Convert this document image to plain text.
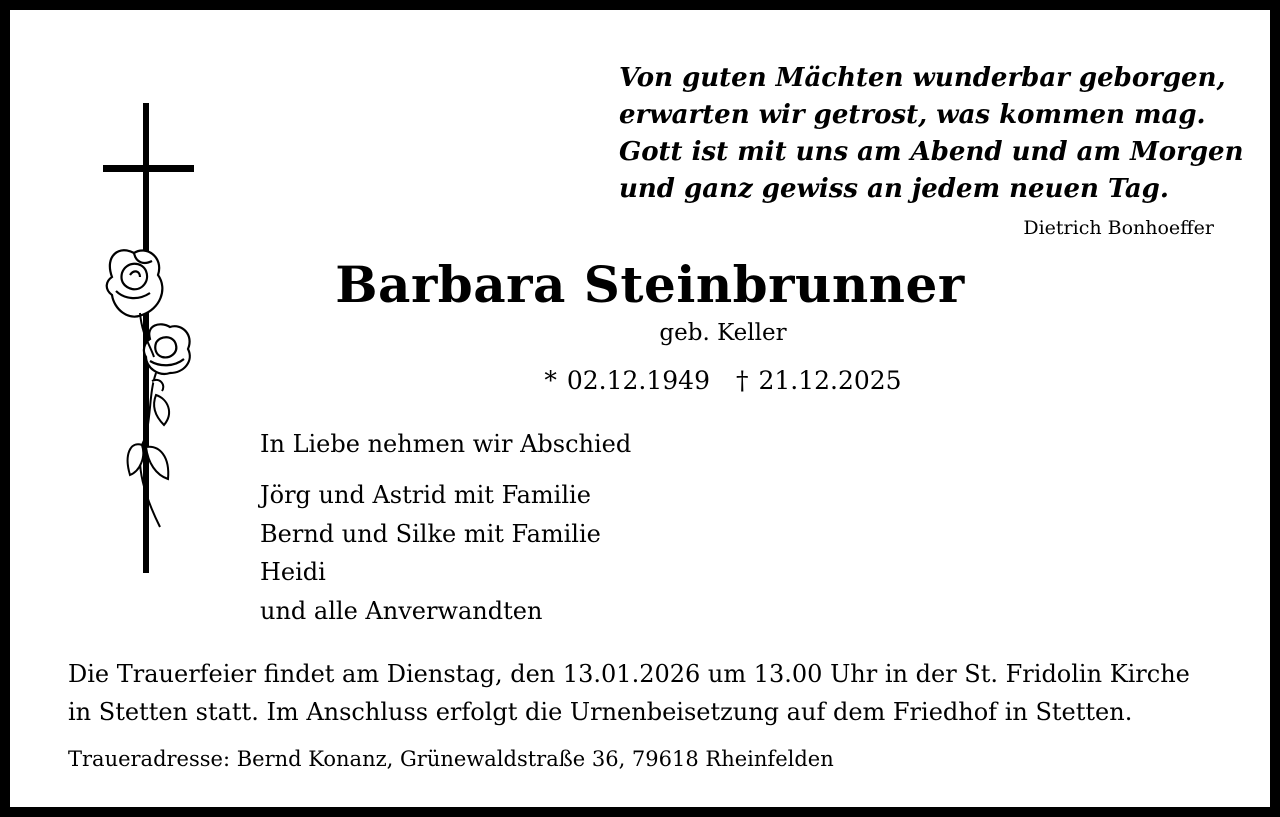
Von guten Mächten wunderbar geborgen,
erwarten wir getrost, was kommen mag.
Gott ist mit uns am Abend und am Morgen
und ganz gewiss an jedem neuen Tag.
Dietrich Bonhoeffer
Barbara Steinbrunner
geb. Keller
* 02.12.1949 † 21.12.2025
In Liebe nehmen wir Abschied
Jörg und Astrid mit Familie
Bernd und Silke mit Familie
Heidi
und alle Anverwandten
Die Trauerfeier findet am Dienstag, den 13.01.2026 um 13.00 Uhr in der St. Fridolin Kirche
in Stetten statt. Im Anschluss erfolgt die Urnenbeisetzung auf dem Friedhof in Stetten.
Traueradresse: Bernd Konanz, Grünewaldstraße 36, 79618 Rheinfelden
